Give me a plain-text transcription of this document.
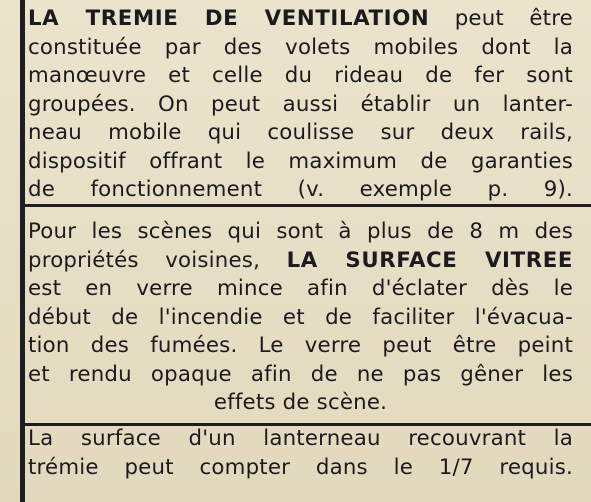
LA TREMIE DE VENTILATION peut être
constituée par des volets mobiles dont la
manœuvre et celle du rideau de fer sont
groupées. On peut aussi établir un lanter-
neau mobile qui coulisse sur deux rails,
dispositif offrant le maximum de garanties
de fonctionnement (v. exemple p. 9).
Pour les scènes qui sont à plus de 8 m des
propriétés voisines, LA SURFACE VITREE
est en verre mince afin d'éclater dès le
début de l'incendie et de faciliter l'évacua-
tion des fumées. Le verre peut être peint
et rendu opaque afin de ne pas gêner les
effets de scène.
La surface d'un lanterneau recouvrant la
trémie peut compter dans le 1/7 requis.
